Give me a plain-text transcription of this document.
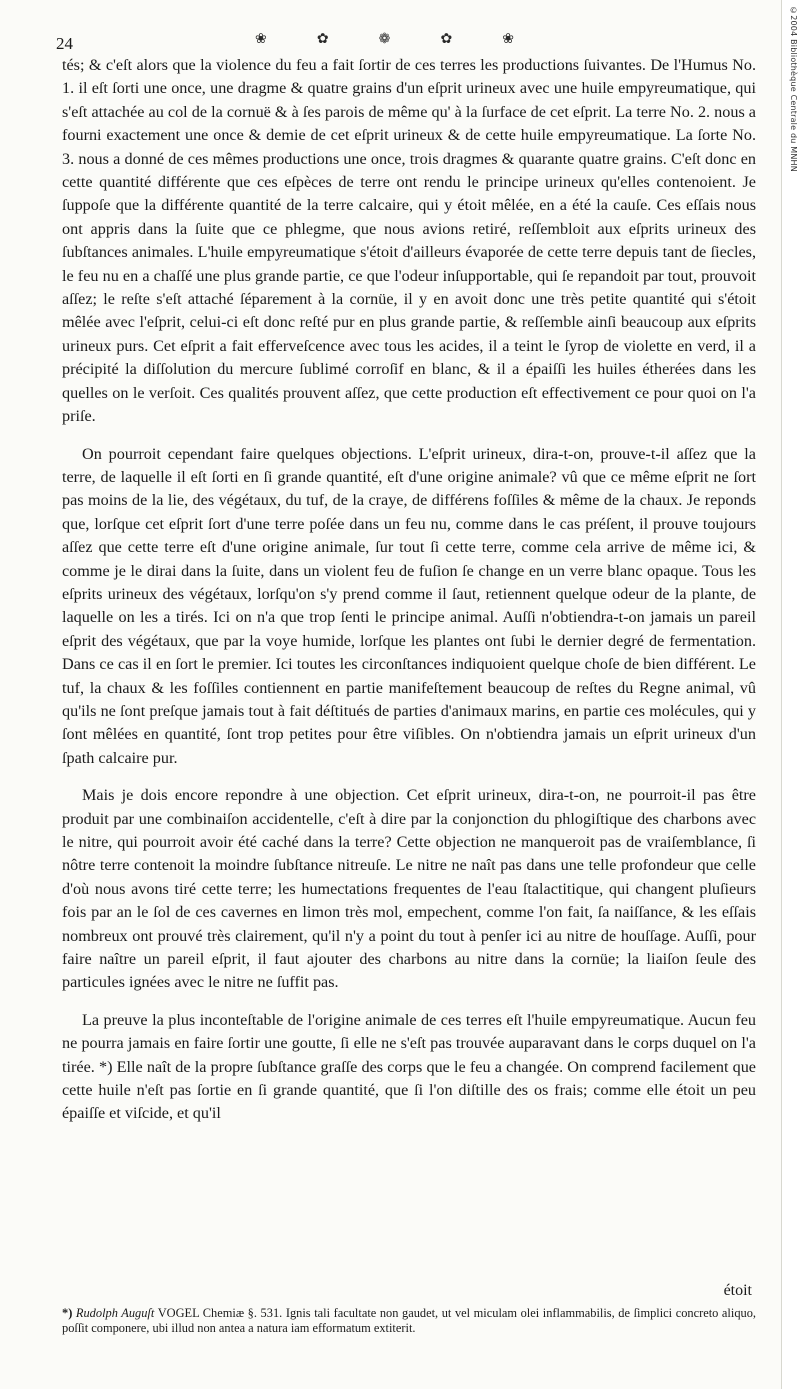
©2004 Bibliothèque Centrale du MNHN
24	❀	✿	❁	✿	❀

tés; & c'eſt alors que la violence du feu a fait ſortir de ces terres les productions ſuivantes. De l'Humus No. 1. il eſt ſorti une once, une dragme & quatre grains d'un eſprit urineux avec une huile empyreumatique, qui s'eſt attachée au col de la cornuë & à ſes parois de même qu' à la ſurface de cet eſprit. La terre No. 2. nous a fourni exactement une once & demie de cet eſprit urineux & de cette huile empyreumatique. La ſorte No. 3. nous a donné de ces mêmes productions une once, trois dragmes & quarante quatre grains. C'eſt donc en cette quantité différente que ces eſpèces de terre ont rendu le principe urineux qu'elles contenoient. Je ſuppoſe que la différente quantité de la terre calcaire, qui y étoit mêlée, en a été la cauſe. Ces eſſais nous ont appris dans la ſuite que ce phlegme, que nous avions retiré, reſſembloit aux eſprits urineux des ſubſtances animales. L'huile empyreumatique s'étoit d'ailleurs évaporée de cette terre depuis tant de ſiecles, le feu nu en a chaſſé une plus grande partie, ce que l'odeur inſupportable, qui ſe repandoit par tout, prouvoit aſſez; le reſte s'eſt attaché ſéparement à la cornüe, il y en avoit donc une très petite quantité qui s'étoit mêlée avec l'eſprit, celui-ci eſt donc reſté pur en plus grande partie, & reſſemble ainſi beaucoup aux eſprits urineux purs. Cet eſprit a fait efferveſcence avec tous les acides, il a teint le ſyrop de violette en verd, il a précipité la diſſolution du mercure ſublimé corroſif en blanc, & il a épaiſſi les huiles étherées dans les quelles on le verſoit. Ces qualités prouvent aſſez, que cette production eſt effectivement ce pour quoi on l'a priſe.

On pourroit cependant faire quelques objections. L'eſprit urineux, dira-t-on, prouve-t-il aſſez que la terre, de laquelle il eſt ſorti en ſi grande quantité, eſt d'une origine animale? vû que ce même eſprit ne ſort pas moins de la lie, des végétaux, du tuf, de la craye, de différens foſſiles & même de la chaux. Je reponds que, lorſque cet eſprit ſort d'une terre poſée dans un feu nu, comme dans le cas préſent, il prouve toujours aſſez que cette terre eſt d'une origine animale, ſur tout ſi cette terre, comme cela arrive de même ici, & comme je le dirai dans la ſuite, dans un violent feu de fuſion ſe change en un verre blanc opaque. Tous les eſprits urineux des végétaux, lorſqu'on s'y prend comme il ſaut, retiennent quelque odeur de la plante, de laquelle on les a tirés. Ici on n'a que trop ſenti le principe animal. Auſſi n'obtiendra-t-on jamais un pareil eſprit des végétaux, que par la voye humide, lorſque les plantes ont ſubi le dernier degré de fermentation. Dans ce cas il en ſort le premier. Ici toutes les circonſtances indiquoient quelque choſe de bien différent. Le tuf, la chaux & les foſſiles contiennent en partie manifeſtement beaucoup de reſtes du Regne animal, vû qu'ils ne ſont preſque jamais tout à fait déſtitués de parties d'animaux marins, en partie ces molécules, qui y ſont mêlées en quantité, ſont trop petites pour être viſibles. On n'obtiendra jamais un eſprit urineux d'un ſpath calcaire pur.

Mais je dois encore repondre à une objection. Cet eſprit urineux, dira-t-on, ne pourroit-il pas être produit par une combinaiſon accidentelle, c'eſt à dire par la conjonction du phlogiſtique des charbons avec le nitre, qui pourroit avoir été caché dans la terre? Cette objection ne manqueroit pas de vraiſemblance, ſi nôtre terre contenoit la moindre ſubſtance nitreuſe. Le nitre ne naît pas dans une telle profondeur que celle d'où nous avons tiré cette terre; les humectations frequentes de l'eau ſtalactitique, qui changent pluſieurs fois par an le ſol de ces cavernes en limon très mol, empechent, comme l'on fait, ſa naiſſance, & les eſſais nombreux ont prouvé très clairement, qu'il n'y a point du tout à penſer ici au nitre de houſſage. Auſſi, pour faire naître un pareil eſprit, il faut ajouter des charbons au nitre dans la cornüe; la liaiſon ſeule des particules ignées avec le nitre ne ſuffit pas.

La preuve la plus inconteſtable de l'origine animale de ces terres eſt l'huile empyreumatique. Aucun feu ne pourra jamais en faire ſortir une goutte, ſi elle ne s'eſt pas trouvée auparavant dans le corps duquel on l'a tirée. *) Elle naît de la propre ſubſtance graſſe des corps que le feu a changée. On comprend facilement que cette huile n'eſt pas ſortie en ſi grande quantité, que ſi l'on diſtille des os frais; comme elle étoit un peu épaiſſe et viſcide, et qu'il

étoit
*) Rudolph Auguſt VOGEL Chemiæ §. 531. Ignis tali facultate non gaudet, ut vel miculam olei inflammabilis, de ſimplici concreto aliquo, poſſit componere, ubi illud non antea a natura iam efformatum extiterit.
